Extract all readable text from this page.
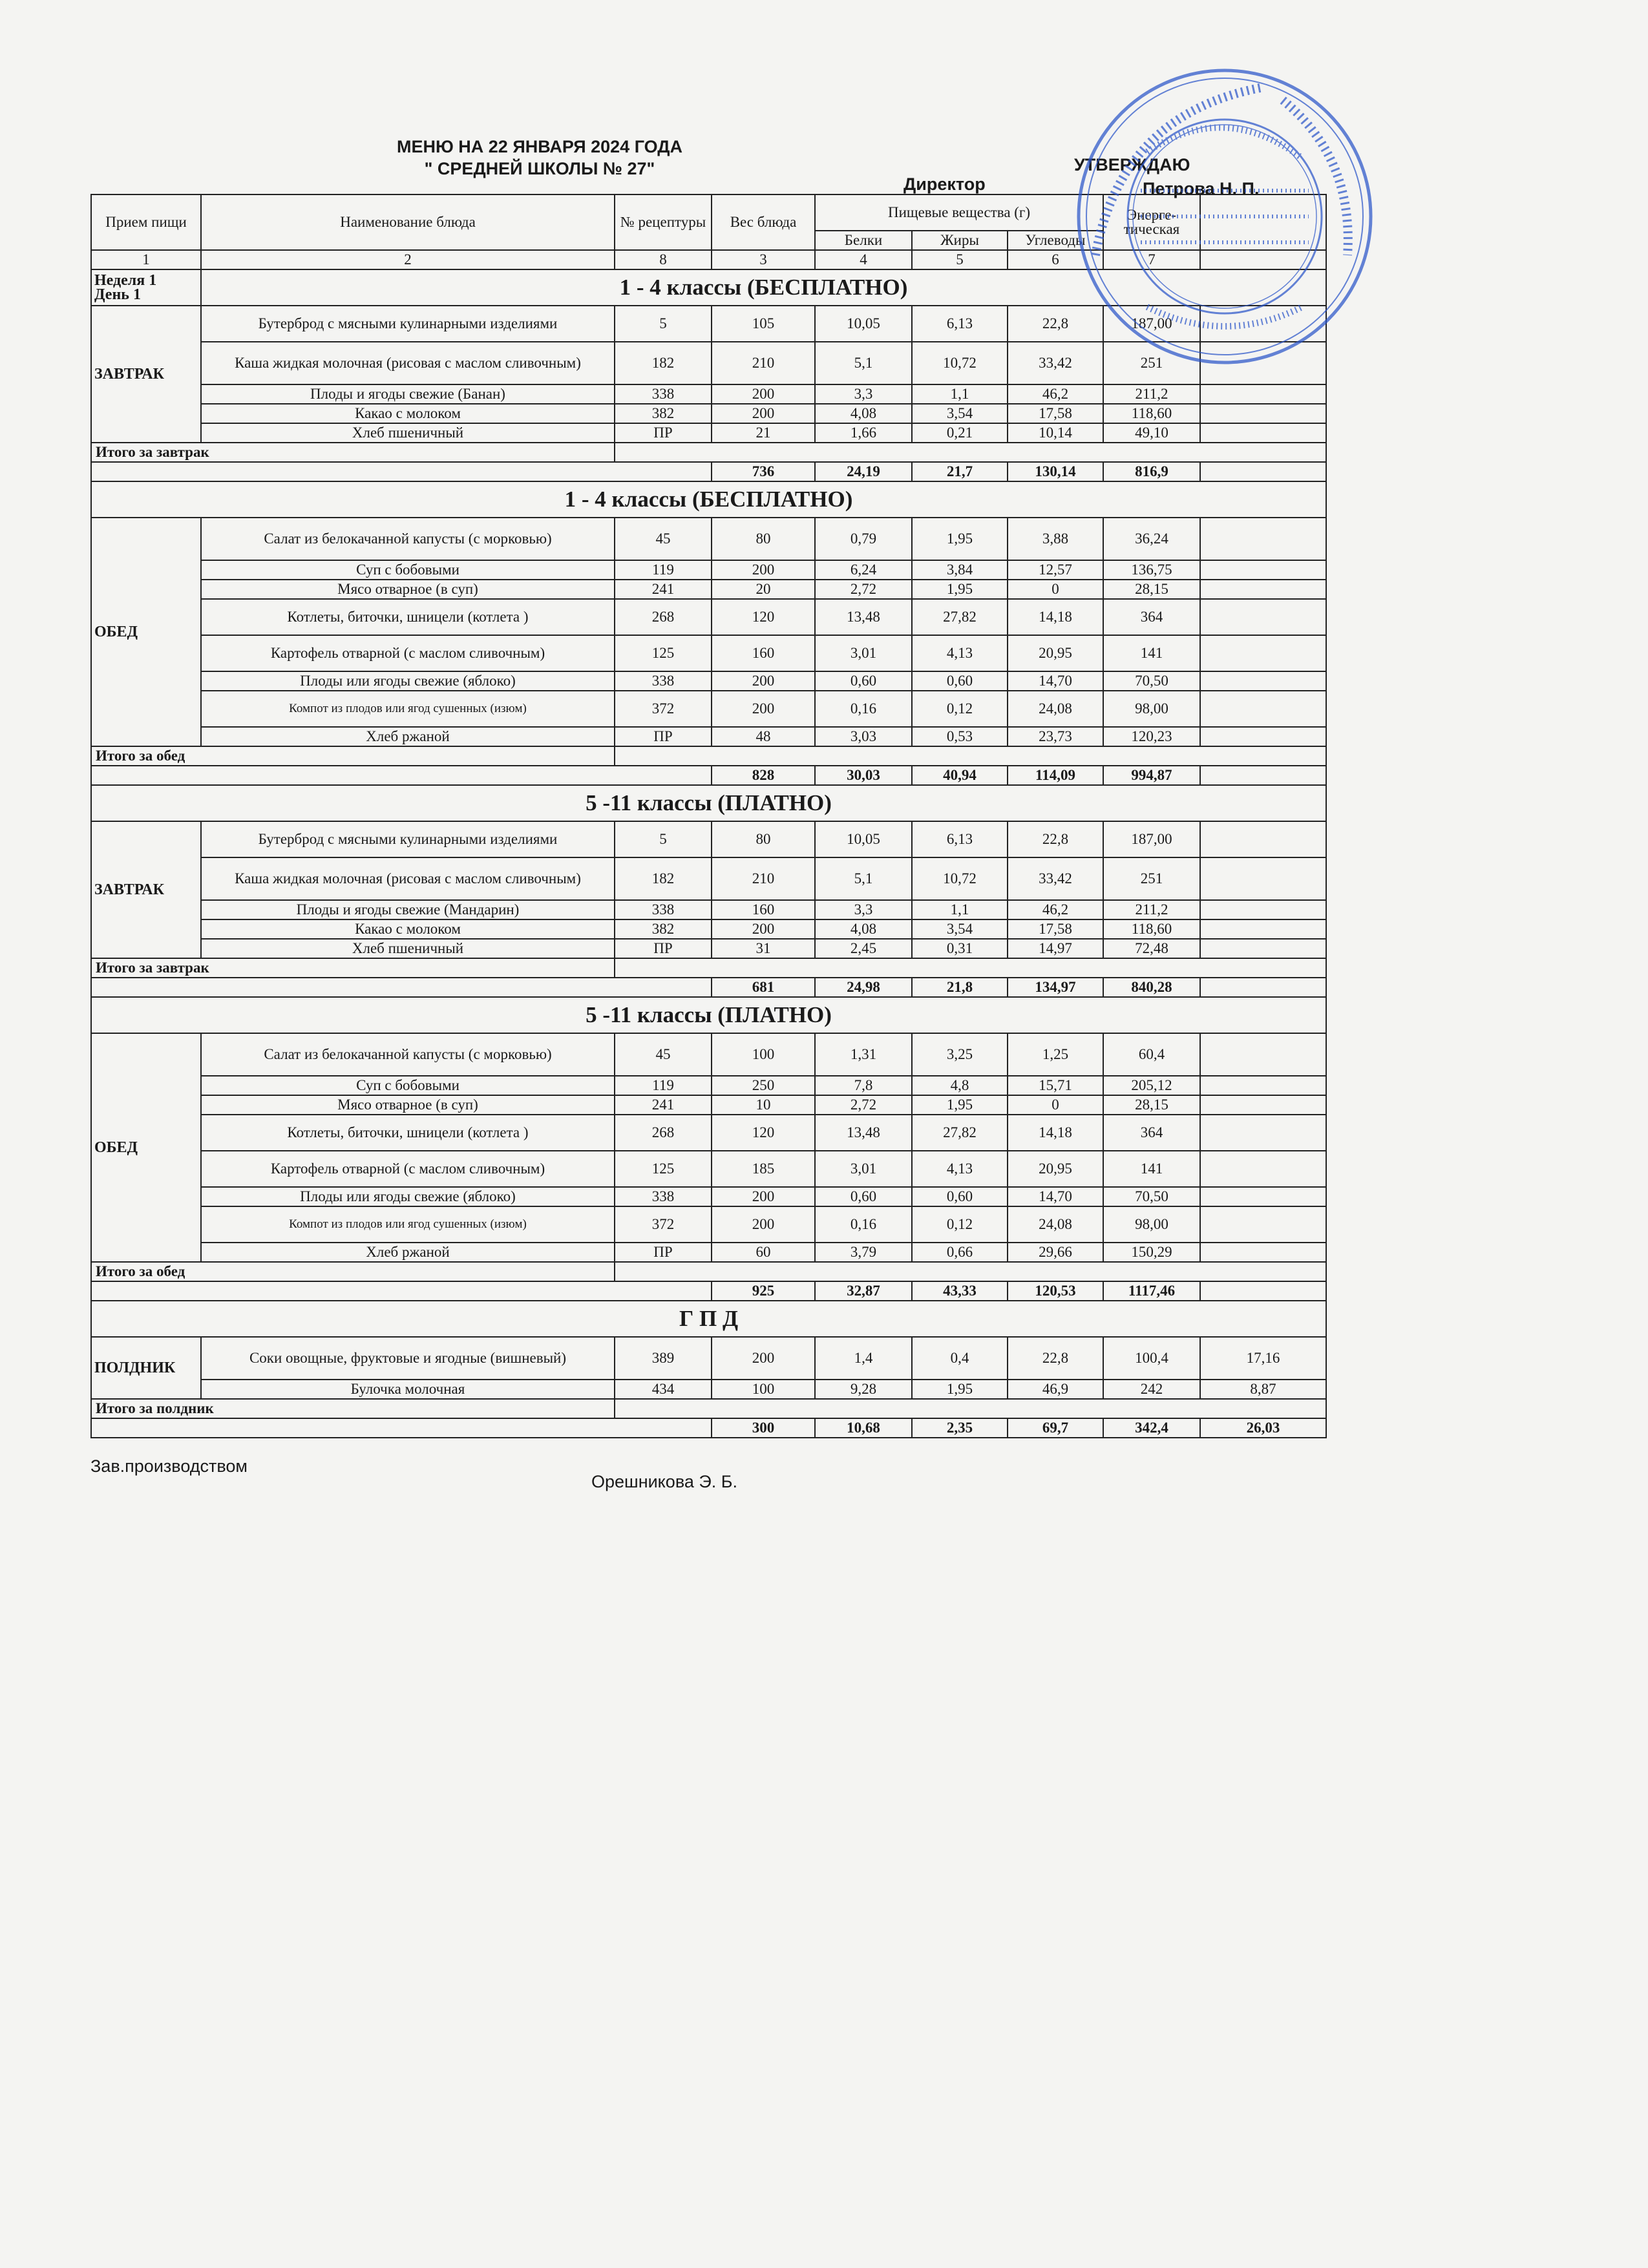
МЕНЮ НА 22 ЯНВАРЯ 2024 ГОДА
" СРЕДНЕЙ ШКОЛЫ № 27"	УТВЕРЖДАЮ
Директор	Петрова Н. П.
Прием пищи	Наименование блюда	№ рецептуры	Вес блюда	Пищевые вещества (г)			Энерге-тическая	
				Белки	Жиры	Углеводы		
1	2	8	3	4	5	6	7	

Неделя 1
День 1	1 - 4 классы (БЕСПЛАТНО)							
ЗАВТРАК	Бутерброд с мясными кулинарными изделиями	5	105	10,05	6,13	22,8	187,00	
	Каша жидкая молочная (рисовая с маслом сливочным)	182	210	5,1	10,72	33,42	251	
	Плоды и ягоды свежие (Банан)	338	200	3,3	1,1	46,2	211,2	
	Какао с молоком	382	200	4,08	3,54	17,58	118,60	
	Хлеб пшеничный	ПР	21	1,66	0,21	10,14	49,10	
Итого за завтрак								
			736	24,19	21,7	130,14	816,9	
1 - 4 классы (БЕСПЛАТНО)								
ОБЕД	Салат из белокачанной капусты (с морковью)	45	80	0,79	1,95	3,88	36,24	
	Суп с бобовыми	119	200	6,24	3,84	12,57	136,75	
	Мясо отварное (в суп)	241	20	2,72	1,95	0	28,15	
	Котлеты, биточки, шницели (котлета )	268	120	13,48	27,82	14,18	364	
	Картофель отварной (с маслом сливочным)	125	160	3,01	4,13	20,95	141	
	Плоды или ягоды свежие (яблоко)	338	200	0,60	0,60	14,70	70,50	
	Компот из плодов или ягод сушенных (изюм)	372	200	0,16	0,12	24,08	98,00	
	Хлеб ржаной	ПР	48	3,03	0,53	23,73	120,23	
Итого за обед								
			828	30,03	40,94	114,09	994,87	
5 -11 классы (ПЛАТНО)								
ЗАВТРАК	Бутерброд с мясными кулинарными изделиями	5	80	10,05	6,13	22,8	187,00	
	Каша жидкая молочная (рисовая с маслом сливочным)	182	210	5,1	10,72	33,42	251	
	Плоды и ягоды свежие (Мандарин)	338	160	3,3	1,1	46,2	211,2	
	Какао с молоком	382	200	4,08	3,54	17,58	118,60	
	Хлеб пшеничный	ПР	31	2,45	0,31	14,97	72,48	
Итого за завтрак								
			681	24,98	21,8	134,97	840,28	
5 -11 классы (ПЛАТНО)								
ОБЕД	Салат из белокачанной капусты (с морковью)	45	100	1,31	3,25	1,25	60,4	
	Суп с бобовыми	119	250	7,8	4,8	15,71	205,12	
	Мясо отварное (в суп)	241	10	2,72	1,95	0	28,15	
	Котлеты, биточки, шницели (котлета )	268	120	13,48	27,82	14,18	364	
	Картофель отварной (с маслом сливочным)	125	185	3,01	4,13	20,95	141	
	Плоды или ягоды свежие (яблоко)	338	200	0,60	0,60	14,70	70,50	
	Компот из плодов или ягод сушенных (изюм)	372	200	0,16	0,12	24,08	98,00	
	Хлеб ржаной	ПР	60	3,79	0,66	29,66	150,29	
Итого за обед								
			925	32,87	43,33	120,53	1117,46	
Г П Д								
ПОЛДНИК	Соки овощные, фруктовые и ягодные (вишневый)	389	200	1,4	0,4	22,8	100,4	17,16
	Булочка молочная	434	100	9,28	1,95	46,9	242	8,87
Итого за полдник								
			300	10,68	2,35	69,7	342,4	26,03
Зав.производством
Орешникова Э. Б.
